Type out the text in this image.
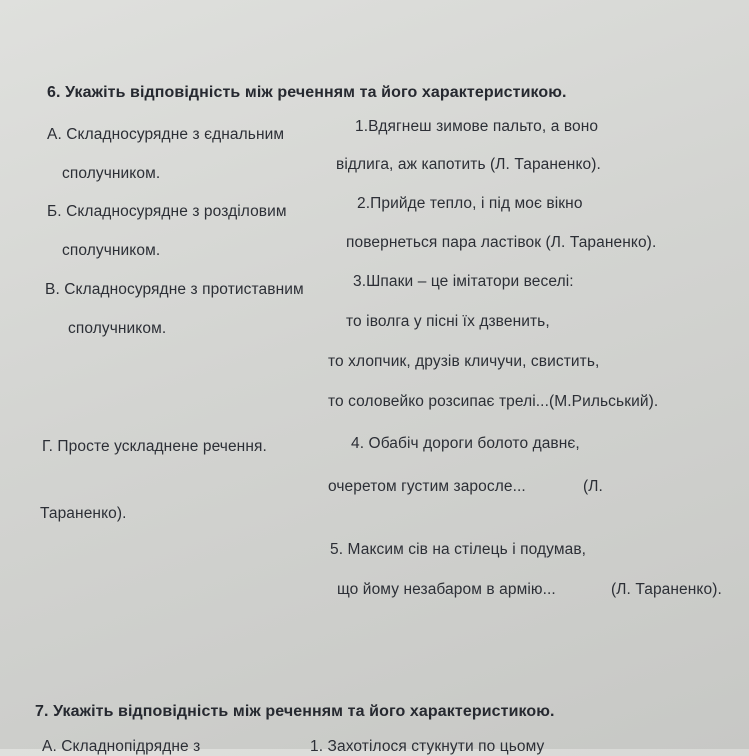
6. Укажіть відповідність між реченням та його характеристикою.
А. Складносурядне з єднальним	1.Вдягнеш зимове пальто, а воно
сполучником.
відлига, аж капотить (Л. Тараненко).
Б. Складносурядне з розділовим	2.Прийде тепло, і під моє вікно
сполучником.	повернеться пара ластівок (Л. Тараненко).
В. Складносурядне з протиставним	3.Шпаки – це імітатори веселі:
сполучником.	то іволга у пісні їх дзвенить,
то хлопчик, друзів кличучи, свистить,
то соловейко розсипає трелі...(М.Рильський).
Г. Просте ускладнене речення.	4. Обабіч дороги болото давнє,
очеретом густим заросле...	(Л.
Тараненко).
5. Максим сів на стілець і подумав,
що йому незабаром в армію...	(Л. Тараненко).
7. Укажіть відповідність між реченням та його характеристикою.
А. Складнопідрядне з	1. Захотілося стукнути по цьому
